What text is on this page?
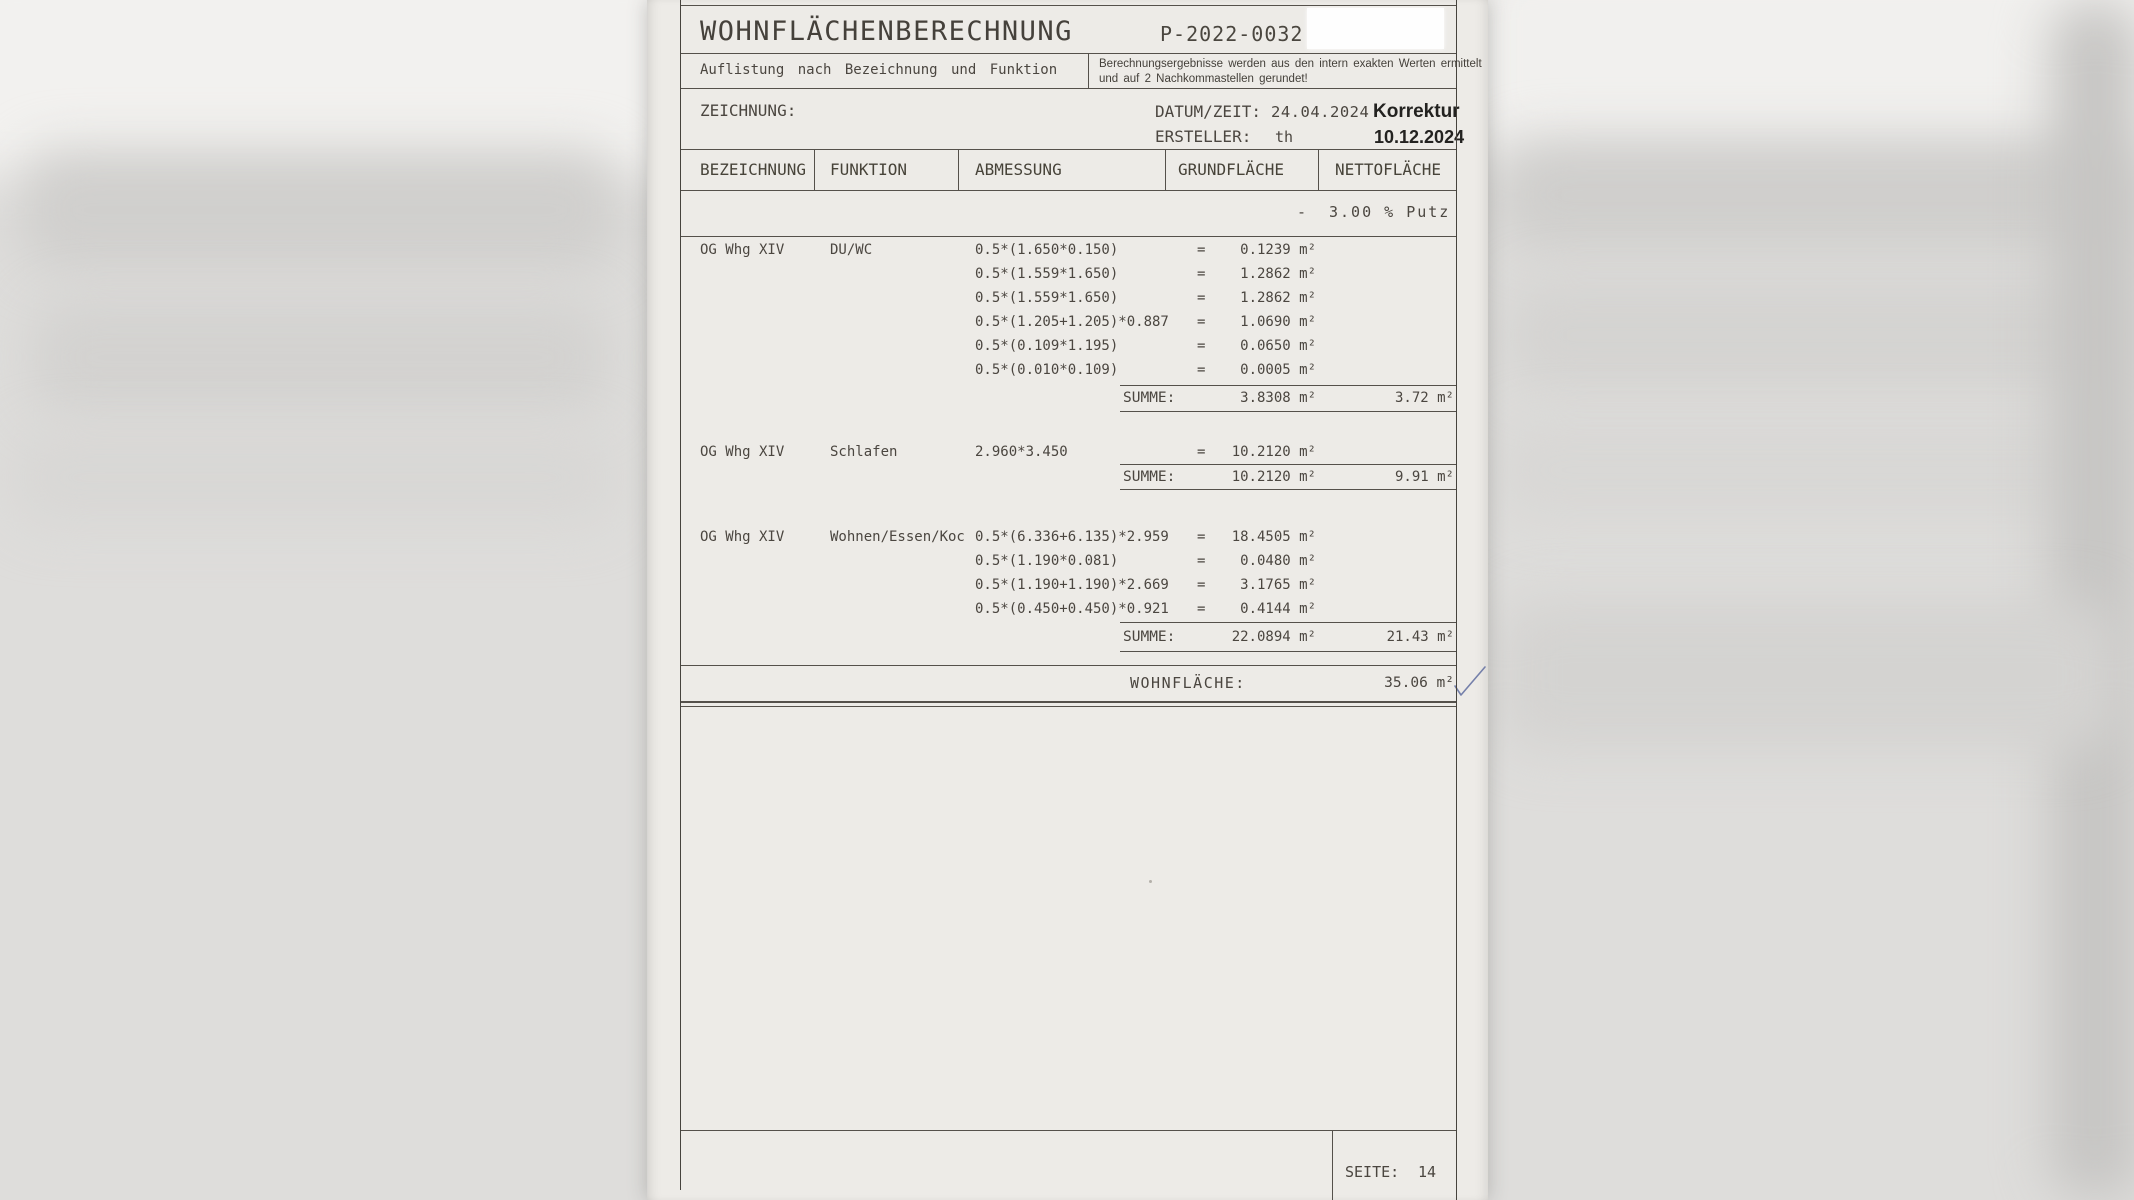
WOHNFLÄCHENBERECHNUNG	P-2022-0032
Auflistung nach Bezeichnung und Funktion	Berechnungsergebnisse werden aus den intern exakten Werten ermittelt
und auf 2 Nachkommastellen gerundet!
ZEICHNUNG:	DATUM/ZEIT: 24.04.2024 Korrektur
ERSTELLER: th	10.12.2024
BEZEICHNUNG FUNKTION	ABMESSUNG	GRUNDFLÄCHE	NETTOFLÄCHE
- 3.00 % Putz
OG Whg XIV	DU/WC	0.5*(1.650*0.150)	= 0.1239 m²
0.5*(1.559*1.650)	= 1.2862 m²
0.5*(1.559*1.650)	= 1.2862 m²
0.5*(1.205+1.205)*0.887 = 1.0690 m²
0.5*(0.109*1.195)	= 0.0650 m²
0.5*(0.010*0.109)	= 0.0005 m²
SUMME:	3.8308 m²	3.72 m²
OG Whg XIV	Schlafen	2.960*3.450	= 10.2120 m²
SUMME:	10.2120 m²	9.91 m²
OG Whg XIV	Wohnen/Essen/Koc 0.5*(6.336+6.135)*2.959 = 18.4505 m²
0.5*(1.190*0.081)	= 0.0480 m²
0.5*(1.190+1.190)*2.669 = 3.1765 m²
0.5*(0.450+0.450)*0.921 = 0.4144 m²
SUMME:	22.0894 m²	21.43 m²
WOHNFLÄCHE:	35.06 m²
SEITE: 14
